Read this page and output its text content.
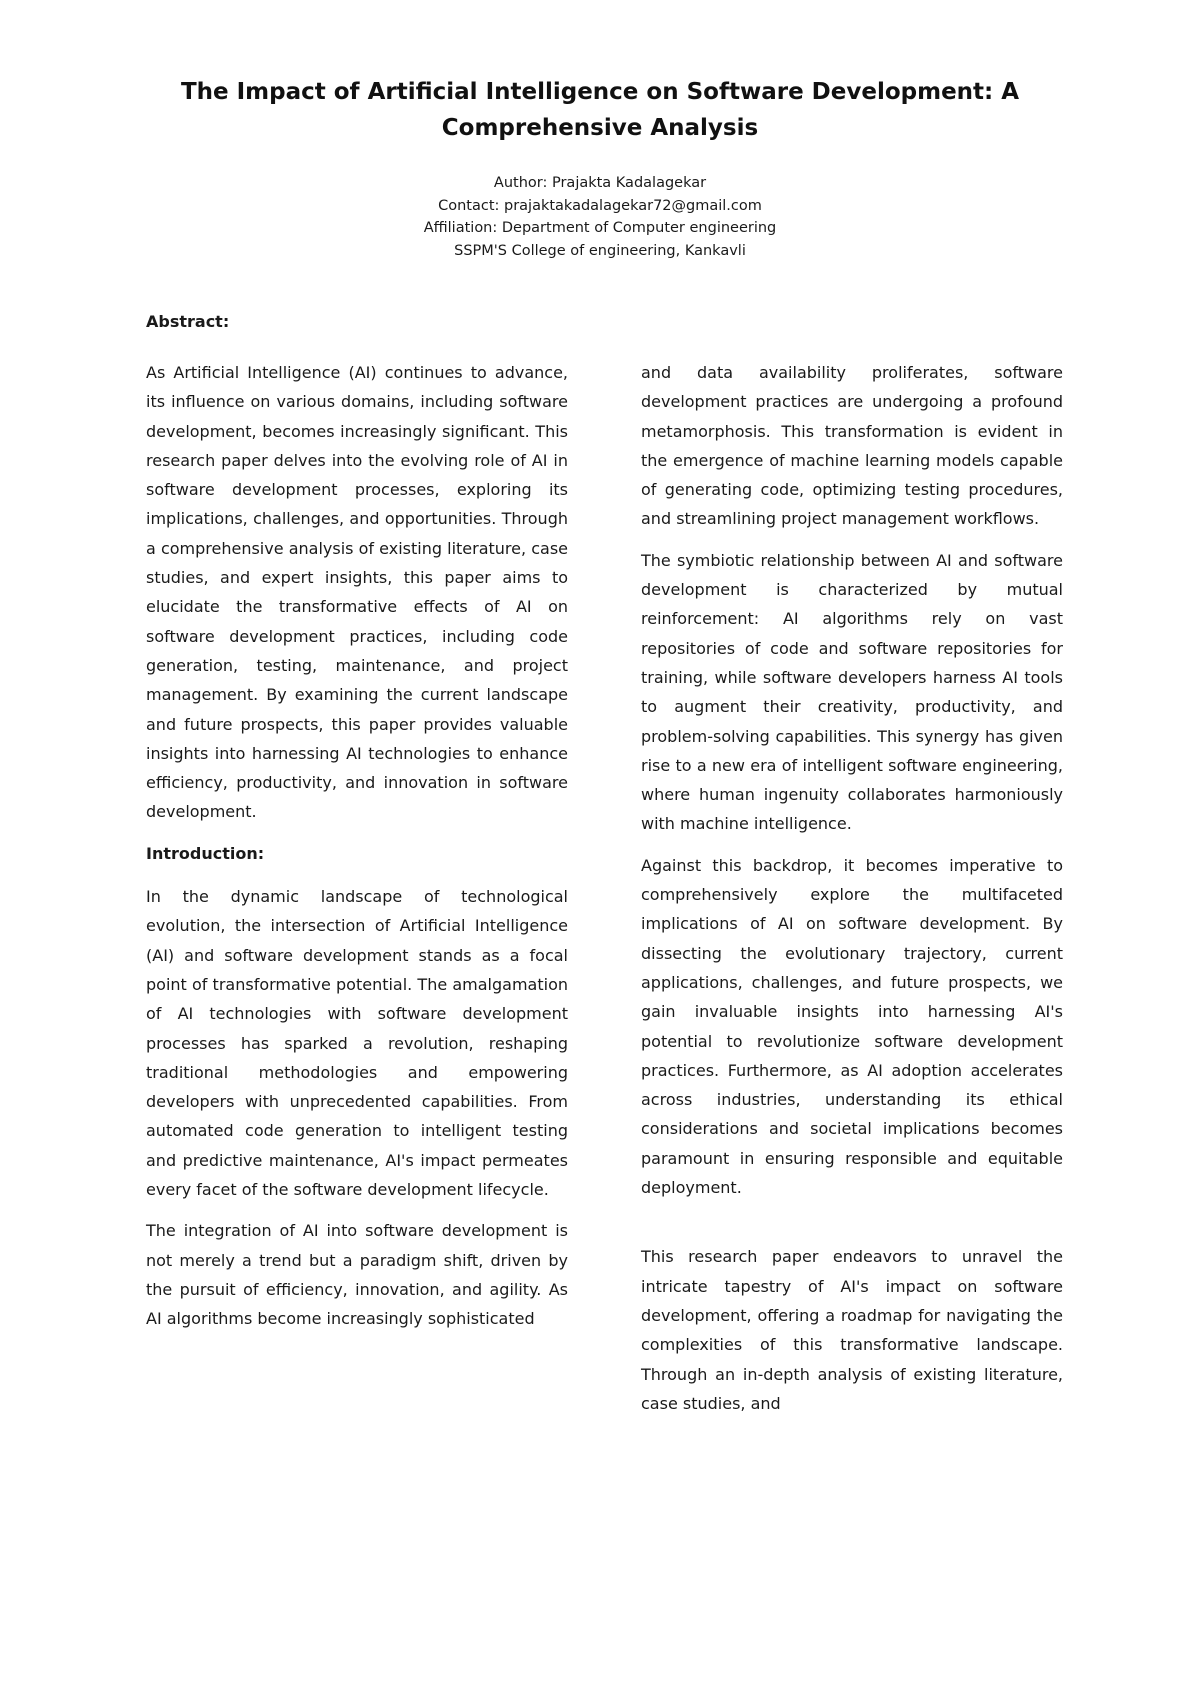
The Impact of Artificial Intelligence on Software Development: A Comprehensive Analysis
Author: Prajakta Kadalagekar
Contact: prajaktakadalagekar72@gmail.com
Affiliation: Department of Computer engineering
SSPM'S College of engineering, Kankavli
Abstract:

As Artificial Intelligence (AI) continues to advance, its influence on various domains, including software development, becomes increasingly significant. This research paper delves into the evolving role of AI in software development processes, exploring its implications, challenges, and opportunities. Through a comprehensive analysis of existing literature, case studies, and expert insights, this paper aims to elucidate the transformative effects of AI on software development practices, including code generation, testing, maintenance, and project management. By examining the current landscape and future prospects, this paper provides valuable insights into harnessing AI technologies to enhance efficiency, productivity, and innovation in software development.

Introduction:

In the dynamic landscape of technological evolution, the intersection of Artificial Intelligence (AI) and software development stands as a focal point of transformative potential. The amalgamation of AI technologies with software development processes has sparked a revolution, reshaping traditional methodologies and empowering developers with unprecedented capabilities. From automated code generation to intelligent testing and predictive maintenance, AI's impact permeates every facet of the software development lifecycle.

The integration of AI into software development is not merely a trend but a paradigm shift, driven by the pursuit of efficiency, innovation, and agility. As AI algorithms become increasingly sophisticated

and data availability proliferates, software development practices are undergoing a profound metamorphosis. This transformation is evident in the emergence of machine learning models capable of generating code, optimizing testing procedures, and streamlining project management workflows.

The symbiotic relationship between AI and software development is characterized by mutual reinforcement: AI algorithms rely on vast repositories of code and software repositories for training, while software developers harness AI tools to augment their creativity, productivity, and problem-solving capabilities. This synergy has given rise to a new era of intelligent software engineering, where human ingenuity collaborates harmoniously with machine intelligence.

Against this backdrop, it becomes imperative to comprehensively explore the multifaceted implications of AI on software development. By dissecting the evolutionary trajectory, current applications, challenges, and future prospects, we gain invaluable insights into harnessing AI's potential to revolutionize software development practices. Furthermore, as AI adoption accelerates across industries, understanding its ethical considerations and societal implications becomes paramount in ensuring responsible and equitable deployment.

This research paper endeavors to unravel the intricate tapestry of AI's impact on software development, offering a roadmap for navigating the complexities of this transformative landscape. Through an in-depth analysis of existing literature, case studies, and
